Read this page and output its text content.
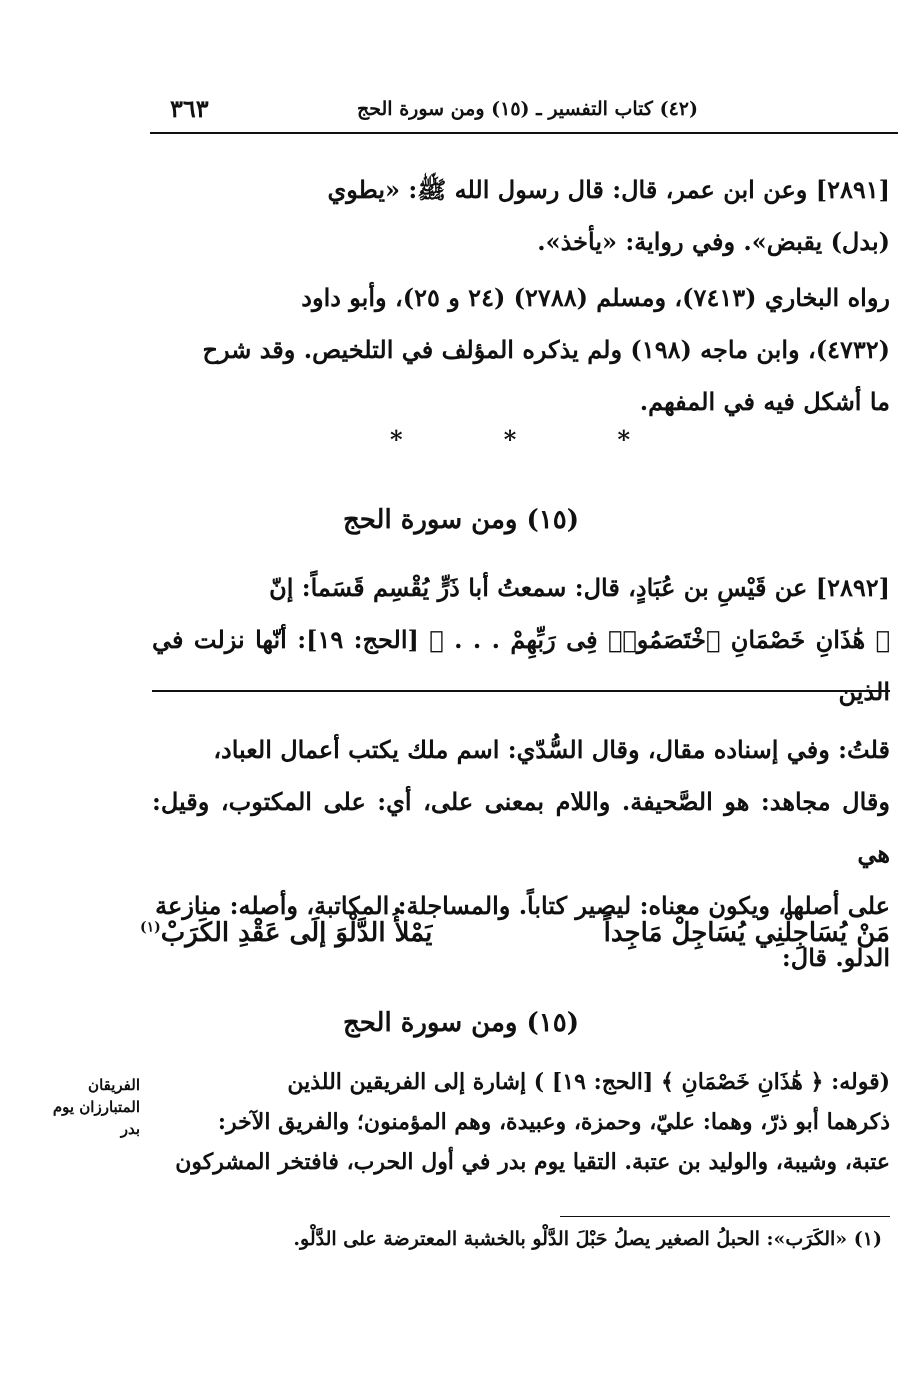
٣٦٣	(٤٢) كتاب التفسير ـ (١٥) ومن سورة الحج
[٢٨٩١] وعن ابن عمر، قال: قال رسول الله ﷺ: «يطوي
(بدل) يقبض». وفي رواية: «يأخذ».
رواه البخاري (٧٤١٣)، ومسلم (٢٧٨٨) (٢٤ و ٢٥)، وأبو داود
(٤٧٣٢)، وابن ماجه (١٩٨) ولم يذكره المؤلف في التلخيص. وقد شرح
ما أشكل فيه في المفهم.
*	*	*
(١٥) ومن سورة الحج
[٢٨٩٢] عن قَيْسِ بن عُبَادٍ، قال: سمعتُ أبا ذَرٍّ يُقْسِم قَسَماً: إنّ
﴿ هَٰذَانِ خَصْمَانِ ٱخْتَصَمُوا۟ فِى رَبِّهِمْ . . . ﴾ [الحج: ١٩]: أنّها نزلت في الذين
قلتُ: وفي إسناده مقال، وقال السُّدّي: اسم ملك يكتب أعمال العباد،
وقال مجاهد: هو الصَّحيفة. واللام بمعنى على، أي: على المكتوب، وقيل: هي
على أصلها، ويكون معناه: ليصير كتاباً. والمساجلة: المكاتبة، وأصله: منازعة
الدلو. قال:
مَنْ يُسَاجِلْنِي يُسَاجِلْ مَاجِداً
يَمْلأُ الدَّلْوَ إلَى عَقْدِ الكَرَبْ$^{(١)}$
(١٥) ومن سورة الحج
(قوله: ﴿ هَٰذَانِ خَصْمَانِ ﴾ [الحج: ١٩] ) إشارة إلى الفريقين اللذين
ذكرهما أبو ذرّ، وهما: عليّ، وحمزة، وعبيدة، وهم المؤمنون؛ والفريق الآخر:
عتبة، وشيبة، والوليد بن عتبة. التقيا يوم بدر في أول الحرب، فافتخر المشركون
الفريقان
المتبارزان يوم
بدر
(١) «الكَرَب»: الحبلُ الصغير يصلُ حَبْلَ الدَّلْو بالخشبة المعترضة على الدَّلْو.
